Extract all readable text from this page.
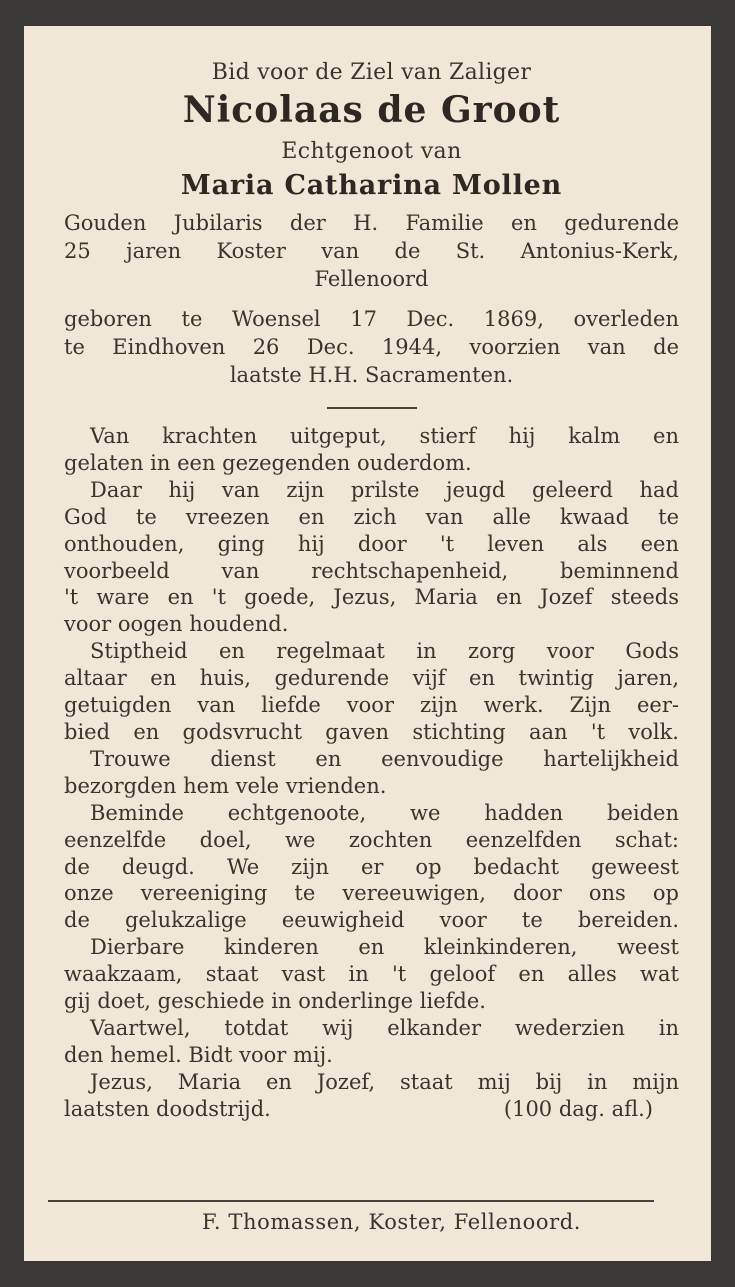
Bid voor de Ziel van Zaliger
Nicolaas de Groot
Echtgenoot van
Maria Catharina Mollen
Gouden Jubilaris der H. Familie en gedurende
25 jaren Koster van de St. Antonius-Kerk,
Fellenoord
geboren te Woensel 17 Dec. 1869, overleden
te Eindhoven 26 Dec. 1944, voorzien van de
laatste H.H. Sacramenten.

Van krachten uitgeput, stierf hij kalm en
gelaten in een gezegenden ouderdom.

Daar hij van zijn prilste jeugd geleerd had
God te vreezen en zich van alle kwaad te
onthouden, ging hij door 't leven als een
voorbeeld van rechtschapenheid, beminnend
't ware en 't goede, Jezus, Maria en Jozef steeds
voor oogen houdend.

Stiptheid en regelmaat in zorg voor Gods
altaar en huis, gedurende vijf en twintig jaren,
getuigden van liefde voor zijn werk. Zijn eer-
bied en godsvrucht gaven stichting aan 't volk.

Trouwe dienst en eenvoudige hartelijkheid
bezorgden hem vele vrienden.

Beminde echtgenoote, we hadden beiden
eenzelfde doel, we zochten eenzelfden schat:
de deugd. We zijn er op bedacht geweest
onze vereeniging te vereeuwigen, door ons op
de gelukzalige eeuwigheid voor te bereiden.

Dierbare kinderen en kleinkinderen, weest
waakzaam, staat vast in 't geloof en alles wat
gij doet, geschiede in onderlinge liefde.

Vaartwel, totdat wij elkander wederzien in
den hemel. Bidt voor mij.

Jezus, Maria en Jozef, staat mij bij in mijn
laatsten doodstrijd.	(100 dag. afl.)

F. Thomassen, Koster, Fellenoord.
